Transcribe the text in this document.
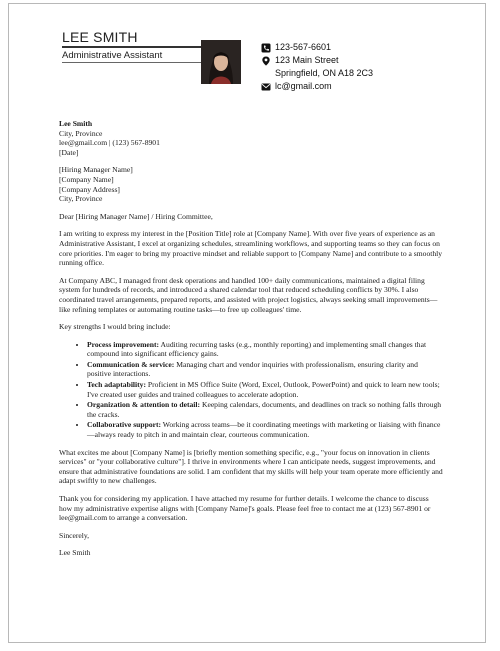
LEE SMITH
Administrative Assistant
123-567-6601
123 Main Street
Springfield, ON A18 2C3
lc@gmail.com

Lee Smith
City, Province
lee@gmail.com | (123) 567-8901
[Date]

[Hiring Manager Name]
[Company Name]
[Company Address]
City, Province

Dear [Hiring Manager Name] / Hiring Committee,

I am writing to express my interest in the [Position Title] role at [Company Name]. With over five years of experience as an Administrative Assistant, I excel at organizing schedules, streamlining workflows, and supporting teams so they can focus on core priorities. I'm eager to bring my proactive mindset and reliable support to [Company Name] and contribute to a smoothly running office.

At Company ABC, I managed front desk operations and handled 100+ daily communications, maintained a digital filing system for hundreds of records, and introduced a shared calendar tool that reduced scheduling conflicts by 30%. I also coordinated travel arrangements, prepared reports, and assisted with project logistics, always seeking small improvements—like refining templates or automating routine tasks—to free up colleagues' time.

Key strengths I would bring include:

• Process improvement: Auditing recurring tasks (e.g., monthly reporting) and implementing small changes that compound into significant efficiency gains.
• Communication & service: Managing chart and vendor inquiries with professionalism, ensuring clarity and positive interactions.
• Tech adaptability: Proficient in MS Office Suite (Word, Excel, Outlook, PowerPoint) and quick to learn new tools; I've created user guides and trained colleagues to accelerate adoption.
• Organization & attention to detail: Keeping calendars, documents, and deadlines on track so nothing falls through the cracks.
• Collaborative support: Working across teams—be it coordinating meetings with marketing or liaising with finance—always ready to pitch in and maintain clear, courteous communication.

What excites me about [Company Name] is [briefly mention something specific, e.g., "your focus on innovation in clients services" or "your collaborative culture"]. I thrive in environments where I can anticipate needs, suggest improvements, and ensure that administrative foundations are solid. I am confident that my skills will help your team operate more efficiently and adapt swiftly to new challenges.

Thank you for considering my application. I have attached my resume for further details. I welcome the chance to discuss how my administrative expertise aligns with [Company Name]'s goals. Please feel free to contact me at (123) 567-8901 or lee@gmail.com to arrange a conversation.

Sincerely,

Lee Smith
